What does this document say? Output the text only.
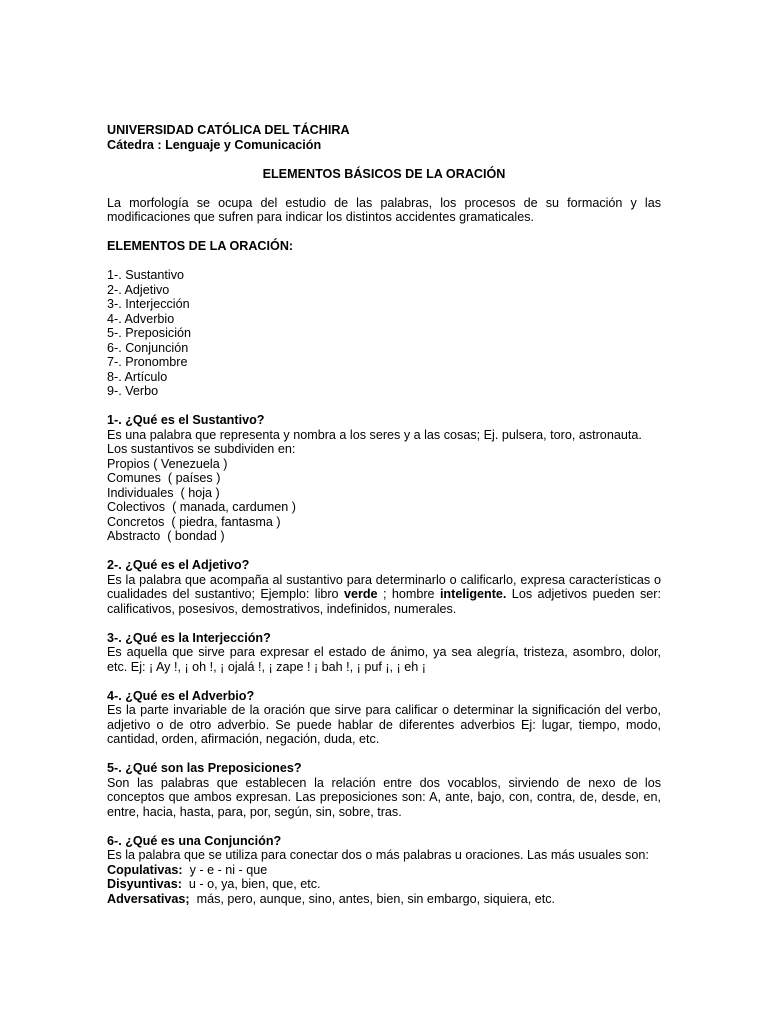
UNIVERSIDAD CATÓLICA DEL TÁCHIRA
Cátedra : Lenguaje y Comunicación
ELEMENTOS BÁSICOS DE LA ORACIÓN

La morfología se ocupa del estudio de las palabras, los procesos de su formación y las modificaciones que sufren para indicar los distintos accidentes gramaticales.

ELEMENTOS DE LA ORACIÓN:
1-. Sustantivo
2-. Adjetivo
3-. Interjección
4-. Adverbio
5-. Preposición
6-. Conjunción
7-. Pronombre
8-. Artículo
9-. Verbo
1-. ¿Qué es el Sustantivo?

Es una palabra que representa y nombra a los seres y a las cosas; Ej. pulsera, toro, astronauta.

Los sustantivos se subdividen en:
Propios ( Venezuela )
Comunes  ( países )
Individuales  ( hoja )
Colectivos  ( manada, cardumen )
Concretos  ( piedra, fantasma )
Abstracto  ( bondad )
2-. ¿Qué es el Adjetivo?

Es la palabra que acompaña al sustantivo para determinarlo o calificarlo, expresa características o cualidades del sustantivo; Ejemplo: libro verde ; hombre inteligente. Los adjetivos pueden ser: calificativos, posesivos, demostrativos, indefinidos, numerales.

3-. ¿Qué es la Interjección?

Es aquella que sirve para expresar el estado de ánimo, ya sea alegría, tristeza, asombro, dolor, etc. Ej: ¡ Ay !, ¡ oh !, ¡ ojalá !, ¡ zape ! ¡ bah !, ¡ puf ¡, ¡ eh ¡

4-. ¿Qué es el Adverbio?

Es la parte invariable de la oración que sirve para calificar o determinar la significación del verbo, adjetivo o de otro adverbio. Se puede hablar de diferentes adverbios Ej: lugar, tiempo, modo, cantidad, orden, afirmación, negación, duda, etc.

5-. ¿Qué son las Preposiciones?

Son las palabras que establecen la relación entre dos vocablos, sirviendo de nexo de los conceptos que ambos expresan. Las preposiciones son: A, ante, bajo, con, contra, de, desde, en, entre, hacia, hasta, para, por, según, sin, sobre, tras.

6-. ¿Qué es una Conjunción?

Es la palabra que se utiliza para conectar dos o más palabras u oraciones. Las más usuales son:

Copulativas:  y - e - ni - que
Disyuntivas:  u - o, ya, bien, que, etc.
Adversativas;  más, pero, aunque, sino, antes, bien, sin embargo, siquiera, etc.
